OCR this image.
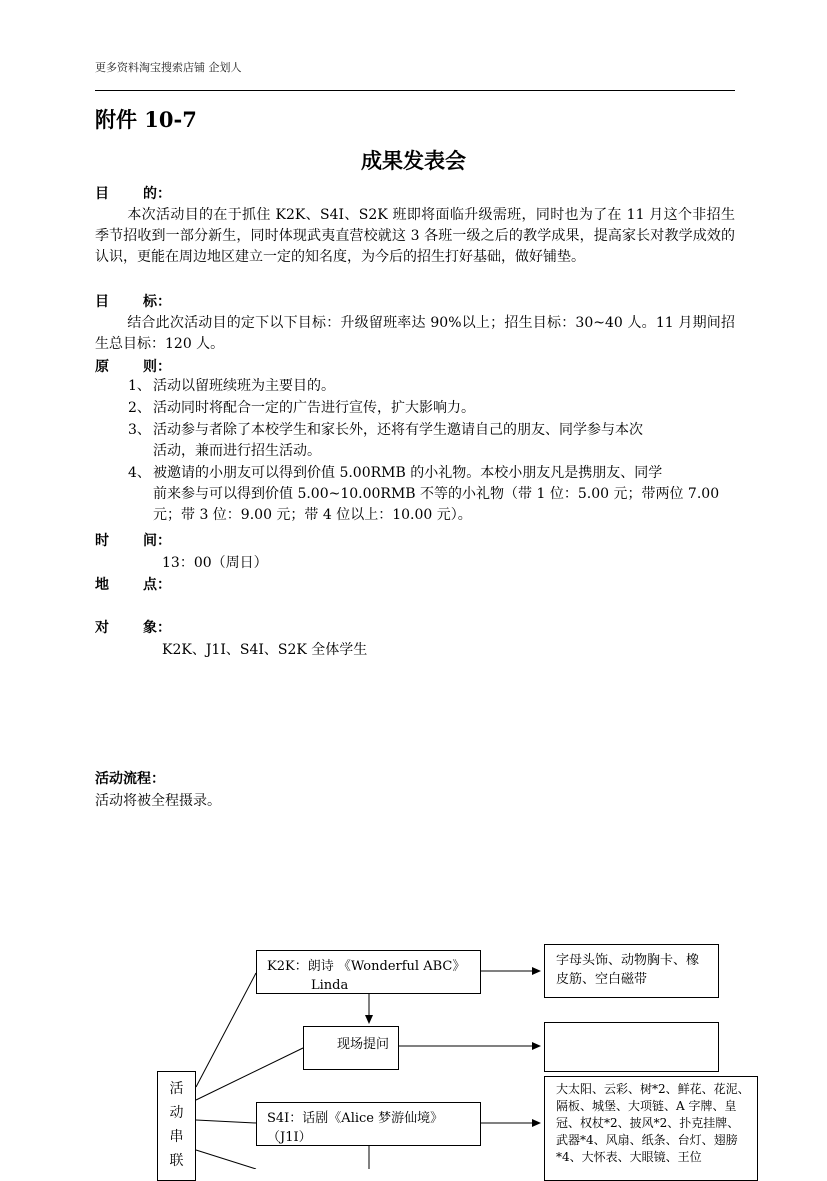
更多资料淘宝搜索店铺 企划人
附件 10-7
成果发表会
目 的：
本次活动目的在于抓住 K2K、S4I、S2K 班即将面临升级需班，同时也为了在 11 月这个非招生季节招收到一部分新生，同时体现武夷直营校就这 3 各班一级之后的教学成果，提高家长对教学成效的认识，更能在周边地区建立一定的知名度，为今后的招生打好基础，做好铺垫。
目 标：
结合此次活动目的定下以下目标：升级留班率达 90%以上；招生目标：30~40 人。11 月期间招生总目标：120 人。
原 则：
1、 活动以留班续班为主要目的。
2、 活动同时将配合一定的广告进行宣传，扩大影响力。
3、 活动参与者除了本校学生和家长外，还将有学生邀请自己的朋友、同学参与本次
活动，兼而进行招生活动。
4、 被邀请的小朋友可以得到价值 5.00RMB 的小礼物。本校小朋友凡是携朋友、同学
前来参与可以得到价值 5.00~10.00RMB 不等的小礼物（带 1 位：5.00 元；带两位 7.00 元；带 3 位：9.00 元；带 4 位以上：10.00 元）。
时 间：
13：00（周日）
地 点：
对 象：
K2K、J1I、S4I、S2K 全体学生
活动流程：
活动将被全程摄录。
K2K：朗诗 《Wonderful ABC》
Linda
字母头饰、动物胸卡、橡皮筋、空白磁带
现场提问
大太阳、云彩、树*2、鲜花、花泥、隔板、城堡、大项链、A 字牌、皇冠、权杖*2、披风*2、扑克挂牌、武器*4、风扇、纸条、台灯、翅膀*4、大怀表、大眼镜、王位
S4I：话剧《Alice 梦游仙境》
（J1I）
活
动
串
联
